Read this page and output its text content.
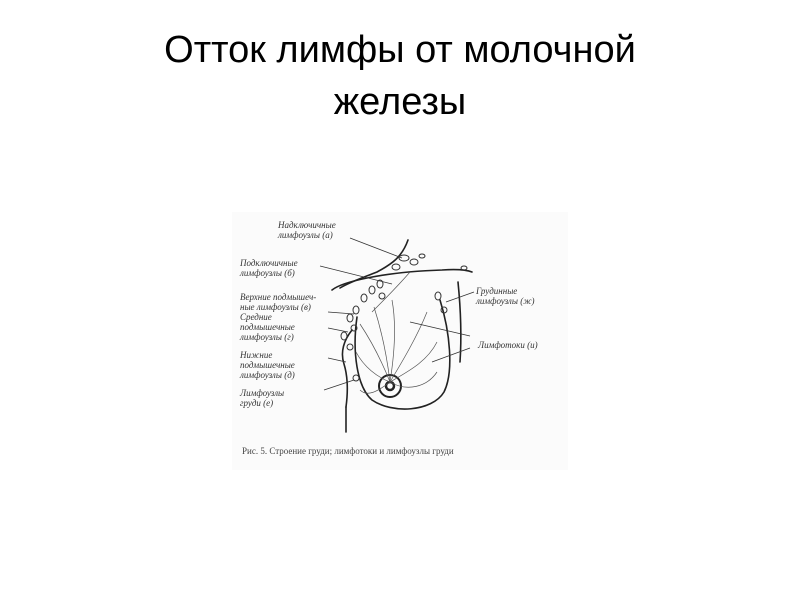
Отток лимфы от молочной
железы
Надключичные
лимфоузлы (а)
Подключичные
лимфоузлы (б)
Верхние подмышеч-
ные лимфоузлы (в)
Средние
подмышечные
лимфоузлы (г)
Нижние
подмышечные
лимфоузлы (д)
Лимфоузлы
груди (е)
Грудинные
лимфоузлы (ж)
Лимфотоки (и)
Рис. 5. Строение груди; лимфотоки и лимфоузлы груди
